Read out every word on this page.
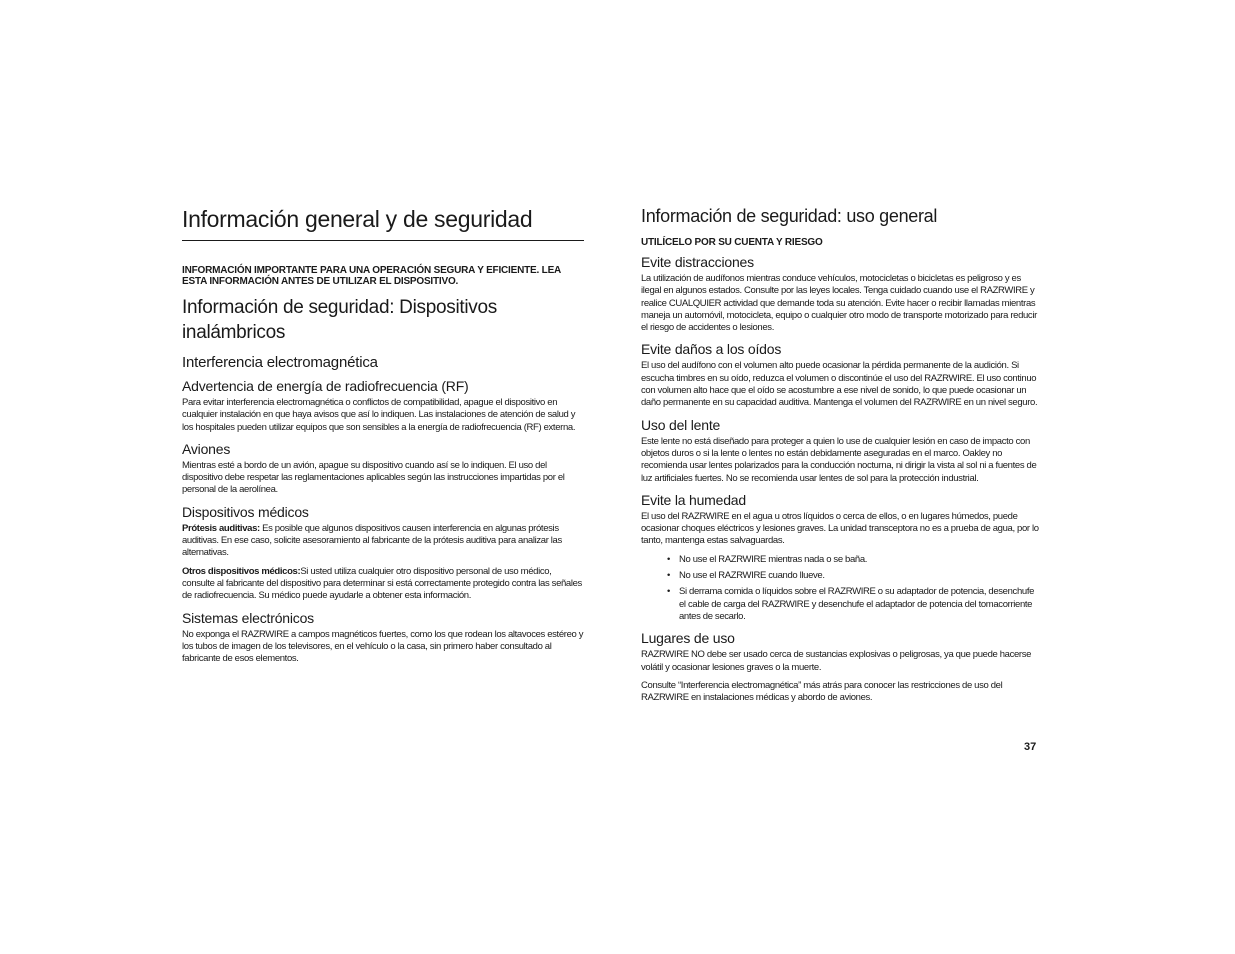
Información general y de seguridad

INFORMACIÓN IMPORTANTE PARA UNA OPERACIÓN SEGURA Y EFICIENTE. LEA ESTA INFORMACIÓN ANTES DE UTILIZAR EL DISPOSITIVO.

Información de seguridad: Dispositivos inalámbricos
Interferencia electromagnética
Advertencia de energía de radiofrecuencia (RF)

Para evitar interferencia electromagnética o conflictos de compatibilidad, apague el dispositivo en cualquier instalación en que haya avisos que así lo indiquen. Las instalaciones de atención de salud y los hospitales pueden utilizar equipos que son sensibles a la energía de radiofrecuencia (RF) externa.

Aviones

Mientras esté a bordo de un avión, apague su dispositivo cuando así se lo indiquen. El uso del dispositivo debe respetar las reglamentaciones aplicables según las instrucciones impartidas por el personal de la aerolínea.

Dispositivos médicos

Prótesis auditivas: Es posible que algunos dispositivos causen interferencia en algunas prótesis auditivas. En ese caso, solicite asesoramiento al fabricante de la prótesis auditiva para analizar las alternativas.

Otros dispositivos médicos:Si usted utiliza cualquier otro dispositivo personal de uso médico, consulte al fabricante del dispositivo para determinar si está correctamente protegido contra las señales de radiofrecuencia. Su médico puede ayudarle a obtener esta información.

Sistemas electrónicos

No exponga el RAZRWIRE a campos magnéticos fuertes, como los que rodean los altavoces estéreo y los tubos de imagen de los televisores, en el vehículo o la casa, sin primero haber consultado al fabricante de esos elementos.

Información de seguridad: uso general

UTILÍCELO POR SU CUENTA Y RIESGO

Evite distracciones

La utilización de audífonos mientras conduce vehículos, motocicletas o bicicletas es peligroso y es ilegal en algunos estados. Consulte por las leyes locales. Tenga cuidado cuando use el RAZRWIRE y realice CUALQUIER actividad que demande toda su atención. Evite hacer o recibir llamadas mientras maneja un automóvil, motocicleta, equipo o cualquier otro modo de transporte motorizado para reducir el riesgo de accidentes o lesiones.

Evite daños a los oídos

El uso del audífono con el volumen alto puede ocasionar la pérdida permanente de la audición. Si escucha timbres en su oído, reduzca el volumen o discontinúe el uso del RAZRWIRE. El uso continuo con volumen alto hace que el oído se acostumbre a ese nivel de sonido, lo que puede ocasionar un daño permanente en su capacidad auditiva. Mantenga el volumen del RAZRWIRE en un nivel seguro.

Uso del lente

Este lente no está diseñado para proteger a quien lo use de cualquier lesión en caso de impacto con objetos duros o si la lente o lentes no están debidamente aseguradas en el marco. Oakley no recomienda usar lentes polarizados para la conducción nocturna, ni dirigir la vista al sol ni a fuentes de luz artificiales fuertes. No se recomienda usar lentes de sol para la protección industrial.

Evite la humedad

El uso del RAZRWIRE en el agua u otros líquidos o cerca de ellos, o en lugares húmedos, puede ocasionar choques eléctricos y lesiones graves. La unidad transceptora no es a prueba de agua, por lo tanto, mantenga estas salvaguardas.

• No use el RAZRWIRE mientras nada o se baña.
• No use el RAZRWIRE cuando llueve.
• Si derrama comida o líquidos sobre el RAZRWIRE o su adaptador de potencia, desenchufe el cable de carga del RAZRWIRE y desenchufe el adaptador de potencia del tomacorriente antes de secarlo.
Lugares de uso

RAZRWIRE NO debe ser usado cerca de sustancias explosivas o peligrosas, ya que puede hacerse volátil y ocasionar lesiones graves o la muerte.

Consulte “Interferencia electromagnética” más atrás para conocer las restricciones de uso del RAZRWIRE en instalaciones médicas y abordo de aviones.

37
